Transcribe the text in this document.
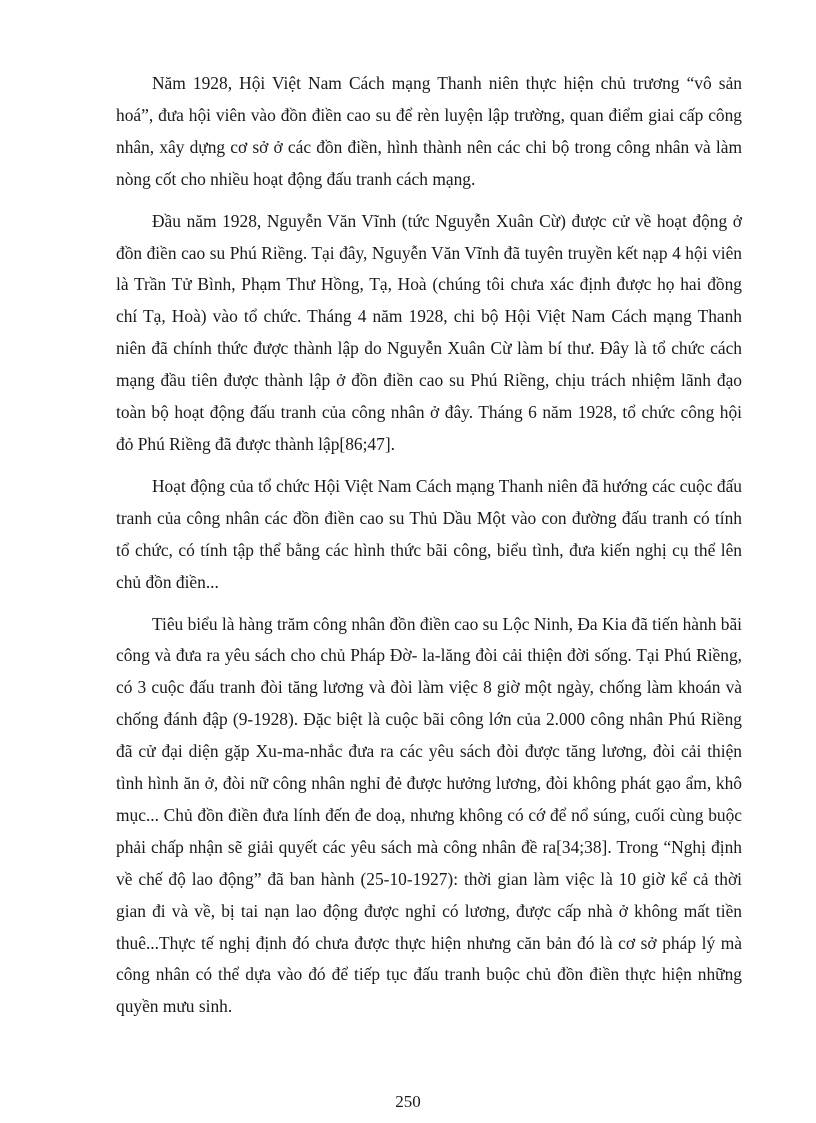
Năm 1928, Hội Việt Nam Cách mạng Thanh niên thực hiện chủ trương “vô sản hoá”, đưa hội viên vào đồn điền cao su để rèn luyện lập trường, quan điểm giai cấp công nhân, xây dựng cơ sở ở các đồn điền, hình thành nên các chi bộ trong công nhân và làm nòng cốt cho nhiều hoạt động đấu tranh cách mạng.

Đầu năm 1928, Nguyễn Văn Vĩnh (tức Nguyễn Xuân Cừ) được cử về hoạt động ở đồn điền cao su Phú Riềng. Tại đây, Nguyễn Văn Vĩnh đã tuyên truyền kết nạp 4 hội viên là Trần Tử Bình, Phạm Thư Hồng, Tạ, Hoà (chúng tôi chưa xác định được họ hai đồng chí Tạ, Hoà) vào tổ chức. Tháng 4 năm 1928, chi bộ Hội Việt Nam Cách mạng Thanh niên đã chính thức được thành lập do Nguyễn Xuân Cừ làm bí thư. Đây là tổ chức cách mạng đầu tiên được thành lập ở đồn điền cao su Phú Riềng, chịu trách nhiệm lãnh đạo toàn bộ hoạt động đấu tranh của công nhân ở đây. Tháng 6 năm 1928, tổ chức công hội đỏ Phú Riềng đã được thành lập[86;47].

Hoạt động của tổ chức Hội Việt Nam Cách mạng Thanh niên đã hướng các cuộc đấu tranh của công nhân các đồn điền cao su Thủ Dầu Một vào con đường đấu tranh có tính tổ chức, có tính tập thể bằng các hình thức bãi công, biểu tình, đưa kiến nghị cụ thể lên chủ đồn điền...

Tiêu biểu là hàng trăm công nhân đồn điền cao su Lộc Ninh, Đa Kia đã tiến hành bãi công và đưa ra yêu sách cho chủ Pháp Đờ- la-lăng đòi cải thiện đời sống. Tại Phú Riềng, có 3 cuộc đấu tranh đòi tăng lương và đòi làm việc 8 giờ một ngày, chống làm khoán và chống đánh đập (9-1928). Đặc biệt là cuộc bãi công lớn của 2.000 công nhân Phú Riềng đã cử đại diện gặp Xu-ma-nhắc đưa ra các yêu sách đòi được tăng lương, đòi cải thiện tình hình ăn ở, đòi nữ công nhân nghỉ đẻ được hưởng lương, đòi không phát gạo ẩm, khô mục... Chủ đồn điền đưa lính đến đe doạ, nhưng không có cớ để nổ súng, cuối cùng buộc phải chấp nhận sẽ giải quyết các yêu sách mà công nhân đề ra[34;38]. Trong “Nghị định về chế độ lao động” đã ban hành (25-10-1927): thời gian làm việc là 10 giờ kể cả thời gian đi và về, bị tai nạn lao động được nghỉ có lương, được cấp nhà ở không mất tiền thuê...Thực tế nghị định đó chưa được thực hiện nhưng căn bản đó là cơ sở pháp lý mà công nhân có thể dựa vào đó để tiếp tục đấu tranh buộc chủ đồn điền thực hiện những quyền mưu sinh.

250
